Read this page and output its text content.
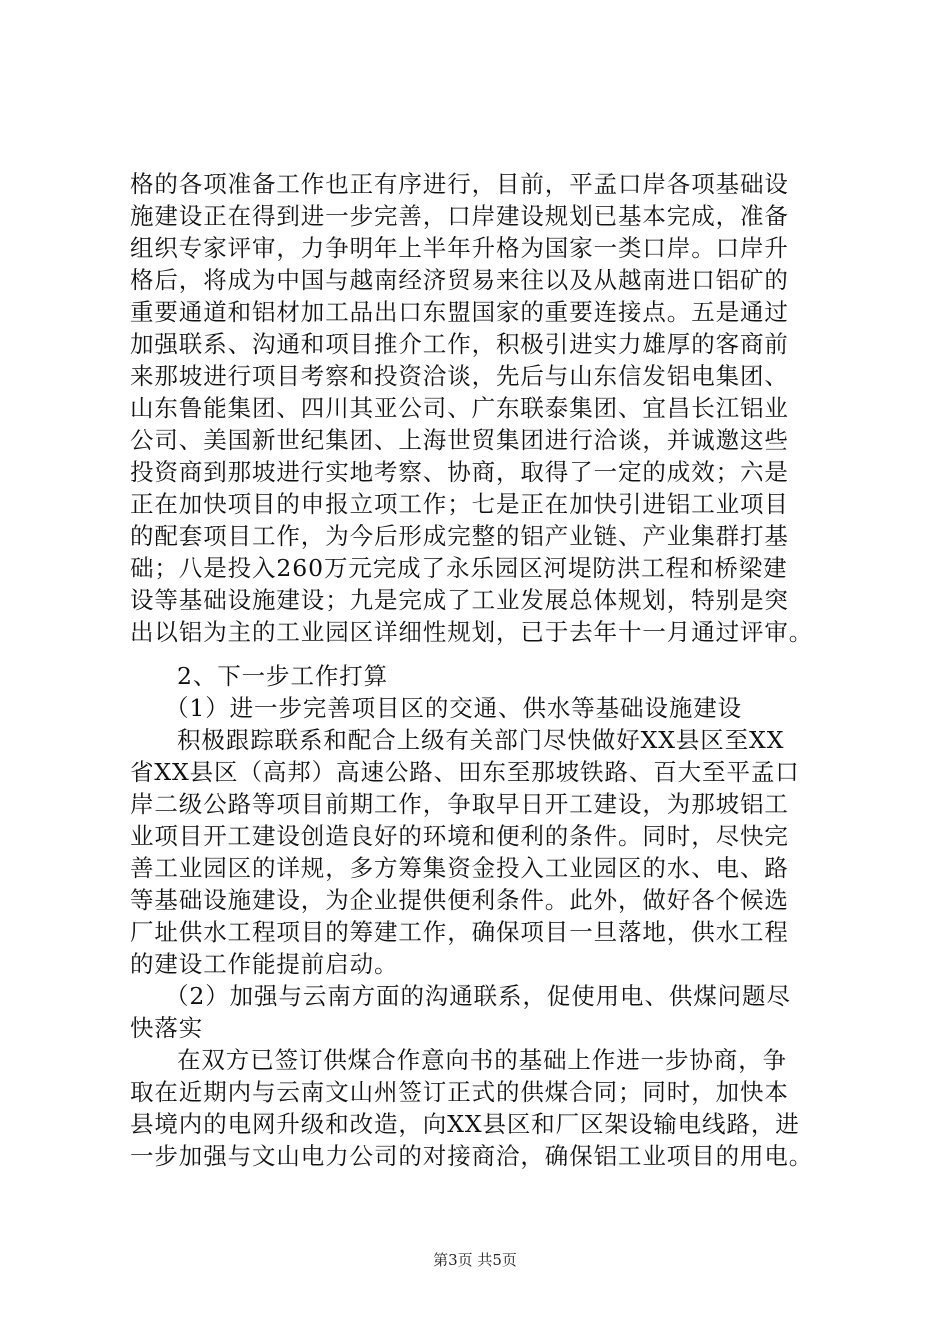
格的各项准备工作也正有序进行，目前，平孟口岸各项基础设
施建设正在得到进一步完善，口岸建设规划已基本完成，准备
组织专家评审，力争明年上半年升格为国家一类口岸。口岸升
格后，将成为中国与越南经济贸易来往以及从越南进口铝矿的
重要通道和铝材加工品出口东盟国家的重要连接点。五是通过
加强联系、沟通和项目推介工作，积极引进实力雄厚的客商前
来那坡进行项目考察和投资洽谈，先后与山东信发铝电集团、
山东鲁能集团、四川其亚公司、广东联泰集团、宜昌长江铝业
公司、美国新世纪集团、上海世贸集团进行洽谈，并诚邀这些
投资商到那坡进行实地考察、协商，取得了一定的成效；六是
正在加快项目的申报立项工作；七是正在加快引进铝工业项目
的配套项目工作，为今后形成完整的铝产业链、产业集群打基
础；八是投入260万元完成了永乐园区河堤防洪工程和桥梁建
设等基础设施建设；九是完成了工业发展总体规划，特别是突
出以铝为主的工业园区详细性规划，已于去年十一月通过评审。
2、下一步工作打算
（1）进一步完善项目区的交通、供水等基础设施建设
积极跟踪联系和配合上级有关部门尽快做好XX县区至XX
省XX县区（高邦）高速公路、田东至那坡铁路、百大至平孟口
岸二级公路等项目前期工作，争取早日开工建设，为那坡铝工
业项目开工建设创造良好的环境和便利的条件。同时，尽快完
善工业园区的详规，多方筹集资金投入工业园区的水、电、路
等基础设施建设，为企业提供便利条件。此外，做好各个候选
厂址供水工程项目的筹建工作，确保项目一旦落地，供水工程
的建设工作能提前启动。
（2）加强与云南方面的沟通联系，促使用电、供煤问题尽
快落实
在双方已签订供煤合作意向书的基础上作进一步协商，争
取在近期内与云南文山州签订正式的供煤合同；同时，加快本
县境内的电网升级和改造，向XX县区和厂区架设输电线路，进
一步加强与文山电力公司的对接商洽，确保铝工业项目的用电。
第3页 共5页
